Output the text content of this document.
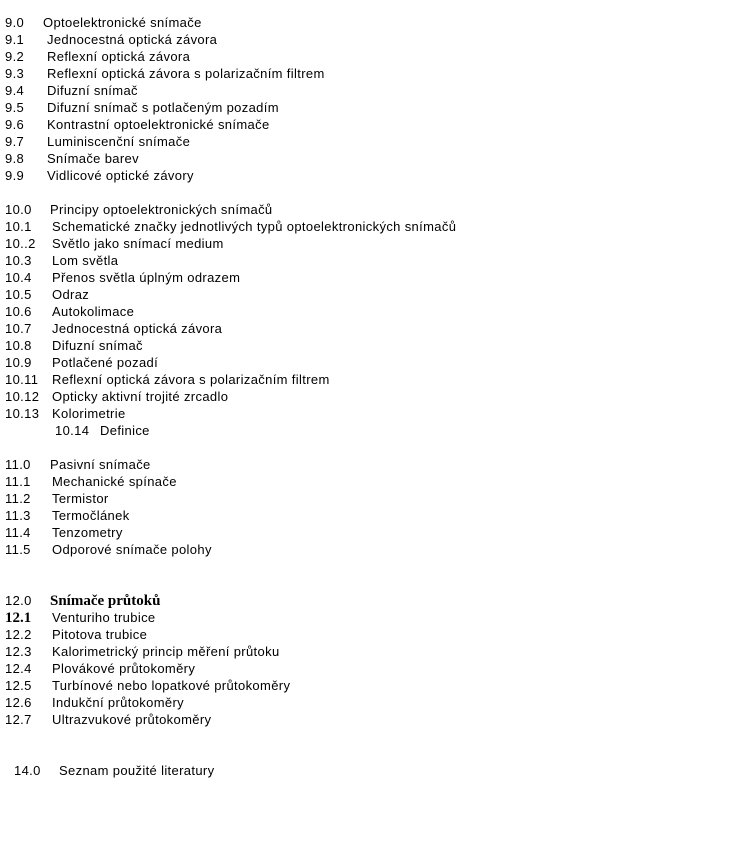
9.0	Optoelektronické snímače
9.1	Jednocestná optická závora
9.2	Reflexní optická závora
9.3	Reflexní optická závora s polarizačním filtrem
9.4	Difuzní snímač
9.5	Difuzní snímač s potlačeným pozadím
9.6	Kontrastní optoelektronické snímače
9.7	Luminiscenční snímače
9.8	Snímače barev
9.9	Vidlicové optické závory
10.0	Principy optoelektronických snímačů
10.1	Schematické značky jednotlivých typů optoelektronických snímačů
10..2	Světlo jako snímací medium
10.3	Lom světla
10.4	Přenos světla úplným odrazem
10.5	Odraz
10.6	Autokolimace
10.7	Jednocestná optická závora
10.8	Difuzní snímač
10.9	Potlačené pozadí
10.11	Reflexní optická závora s polarizačním filtrem
10.12 Opticky aktivní trojité zrcadlo
10.13 Kolorimetrie
10.14 Definice
11.0	Pasivní snímače
11.1	Mechanické spínače
11.2	Termistor
11.3	Termočlánek
11.4	Tenzometry
11.5	Odporové snímače polohy
12.0	Snímače průtoků
12.1	Venturiho trubice
12.2	Pitotova trubice
12.3	Kalorimetrický princip měření průtoku
12.4	Plovákové průtokoměry
12.5	Turbínové nebo lopatkové průtokoměry
12.6	Indukční průtokoměry
12.7	Ultrazvukové průtokoměry
14.0	Seznam použité literatury
